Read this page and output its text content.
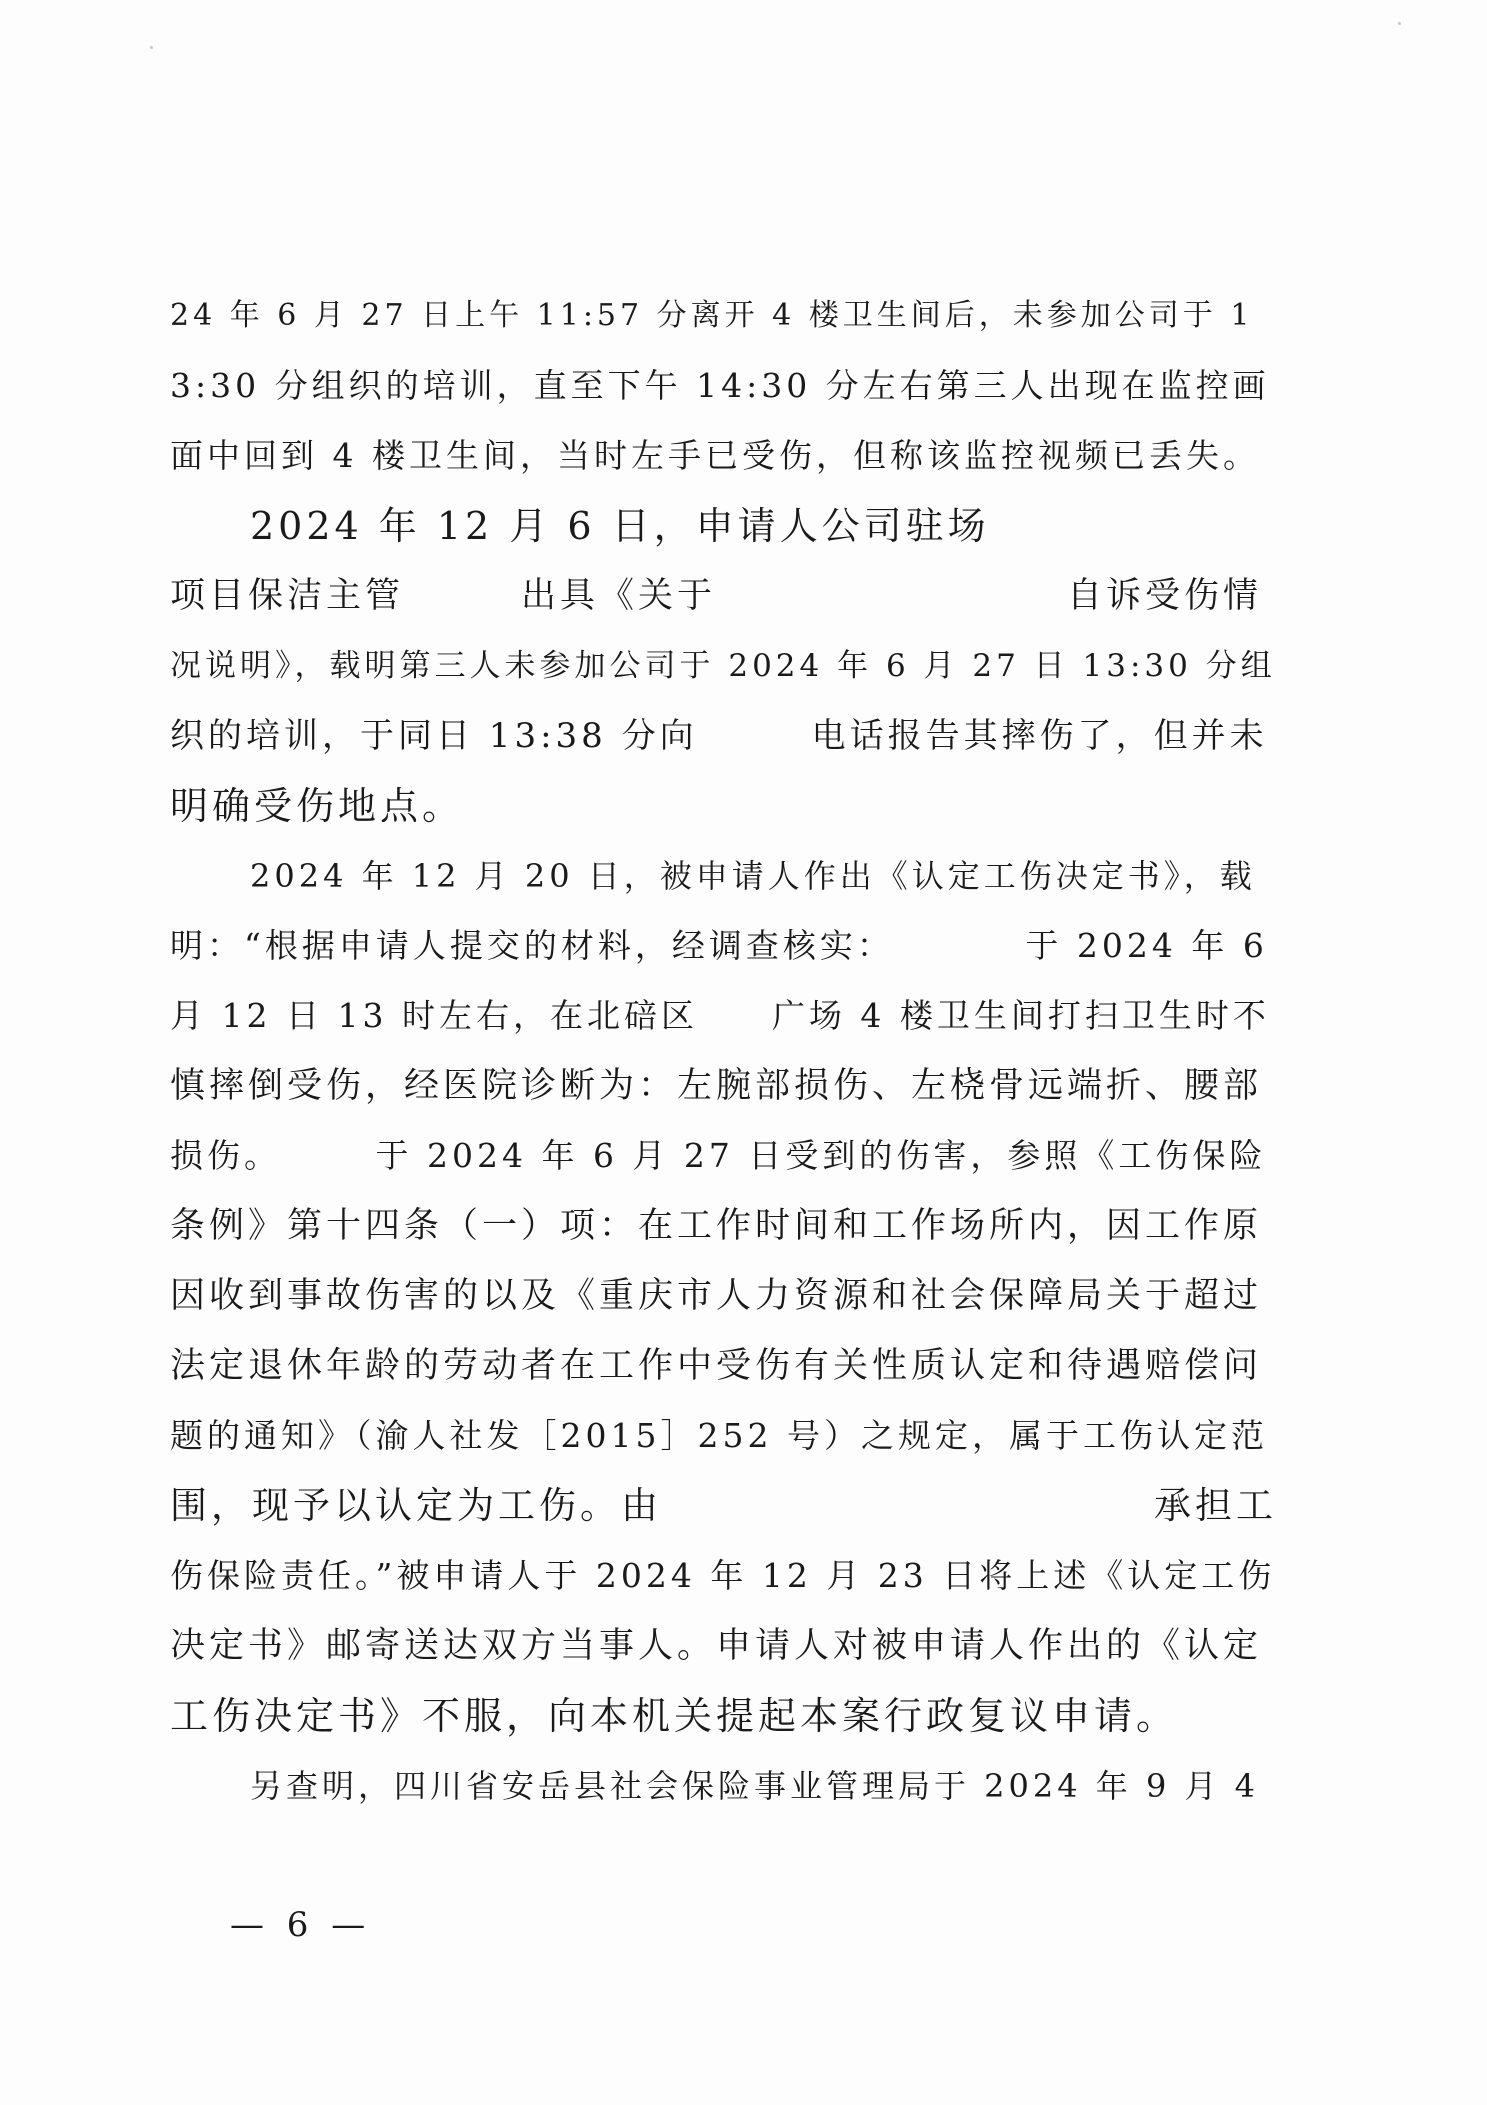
24 年 6 月 27 日上午 11:57 分离开 4 楼卫生间后，未参加公司于 1
3:30 分组织的培训，直至下午 14:30 分左右第三人出现在监控画
面中回到 4 楼卫生间，当时左手已受伤，但称该监控视频已丢失。
2024 年 12 月 6 日，申请人公司驻场
项目保洁主管　　　出具《关于　　　　　　　　　自诉受伤情
况说明》，载明第三人未参加公司于 2024 年 6 月 27 日 13:30 分组
织的培训，于同日 13:38 分向　　　电话报告其摔伤了，但并未
明确受伤地点。
2024 年 12 月 20 日，被申请人作出《认定工伤决定书》，载
明：“根据申请人提交的材料，经调查核实：　　　　于 2024 年 6
月 12 日 13 时左右，在北碚区　　广场 4 楼卫生间打扫卫生时不
慎摔倒受伤，经医院诊断为：左腕部损伤、左桡骨远端折、腰部
损伤。　　　于 2024 年 6 月 27 日受到的伤害，参照《工伤保险
条例》第十四条（一）项：在工作时间和工作场所内，因工作原
因收到事故伤害的以及《重庆市人力资源和社会保障局关于超过
法定退休年龄的劳动者在工作中受伤有关性质认定和待遇赔偿问
题的通知》（渝人社发［2015］252 号）之规定，属于工伤认定范
围，现予以认定为工伤。由　　　　　　　　　　　　承担工
伤保险责任。”被申请人于 2024 年 12 月 23 日将上述《认定工伤
决定书》邮寄送达双方当事人。申请人对被申请人作出的《认定
工伤决定书》不服，向本机关提起本案行政复议申请。
另查明，四川省安岳县社会保险事业管理局于 2024 年 9 月 4
— 6 —
